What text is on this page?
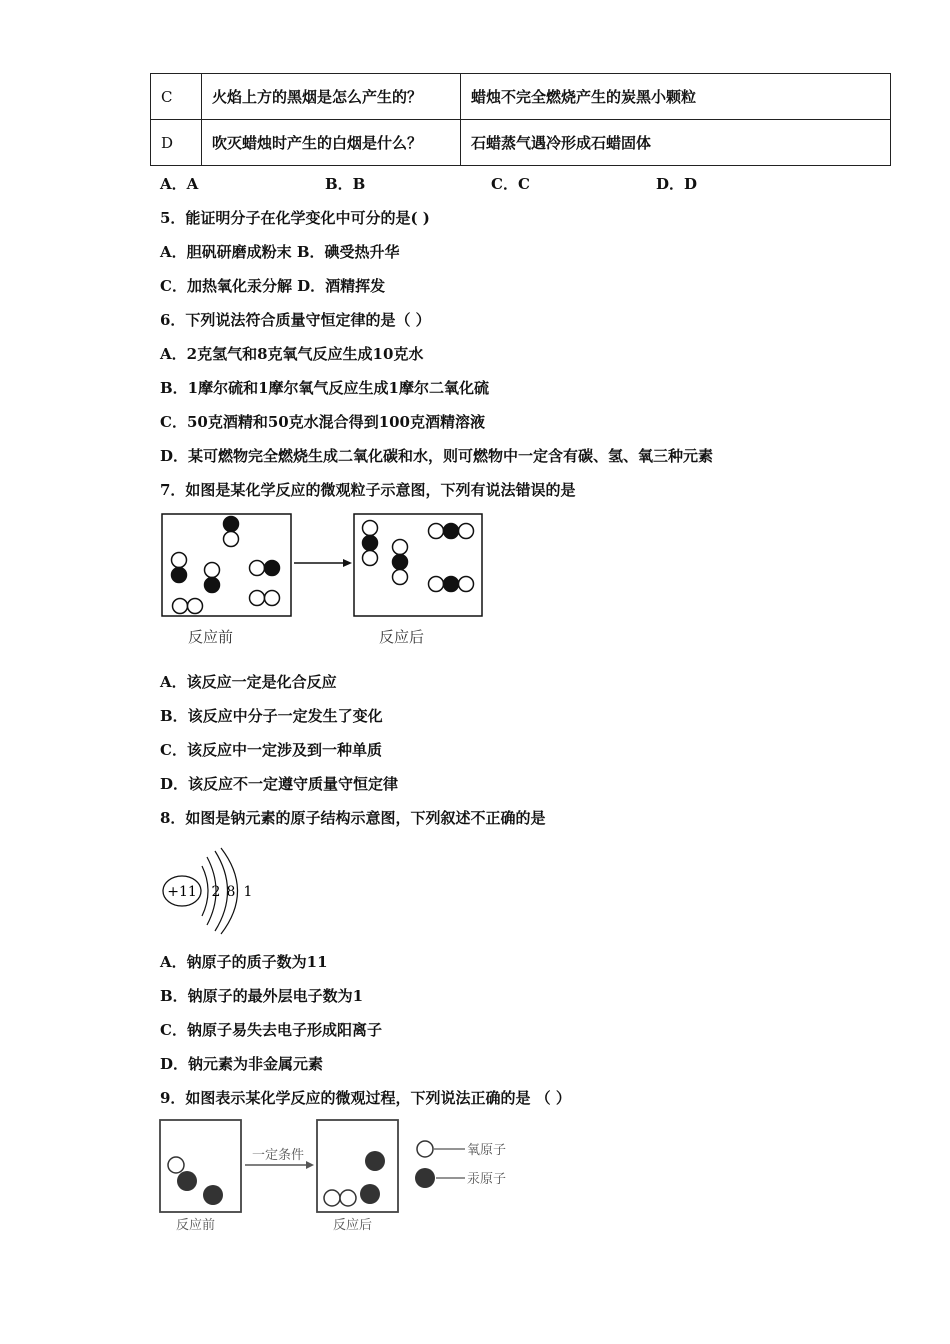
C	火焰上方的黑烟是怎么产生的？	蜡烛不完全燃烧产生的炭黑小颗粒
D	吹灭蜡烛时产生的白烟是什么？	石蜡蒸气遇冷形成石蜡固体
A．A	B．B	C．C	D．D
5．能证明分子在化学变化中可分的是( )
A．胆矾研磨成粉末 B．碘受热升华
C．加热氧化汞分解 D．酒精挥发
6．下列说法符合质量守恒定律的是（ ）
A．2克氢气和8克氧气反应生成10克水
B．1摩尔硫和1摩尔氧气反应生成1摩尔二氧化硫
C．50克酒精和50克水混合得到100克酒精溶液
D．某可燃物完全燃烧生成二氧化碳和水，则可燃物中一定含有碳、氢、氧三种元素
7．如图是某化学反应的微观粒子示意图，下列有说法错误的是
反应前	反应后
A．该反应一定是化合反应
B．该反应中分子一定发生了变化
C．该反应中一定涉及到一种单质
D．该反应不一定遵守质量守恒定律
8．如图是钠元素的原子结构示意图，下列叙述不正确的是
+11 2 8 1
A．钠原子的质子数为11
B．钠原子的最外层电子数为1
C．钠原子易失去电子形成阳离子
D．钠元素为非金属元素
9．如图表示某化学反应的微观过程，下列说法正确的是 （ ）
一定条件	氧原子
汞原子
反应前	反应后
